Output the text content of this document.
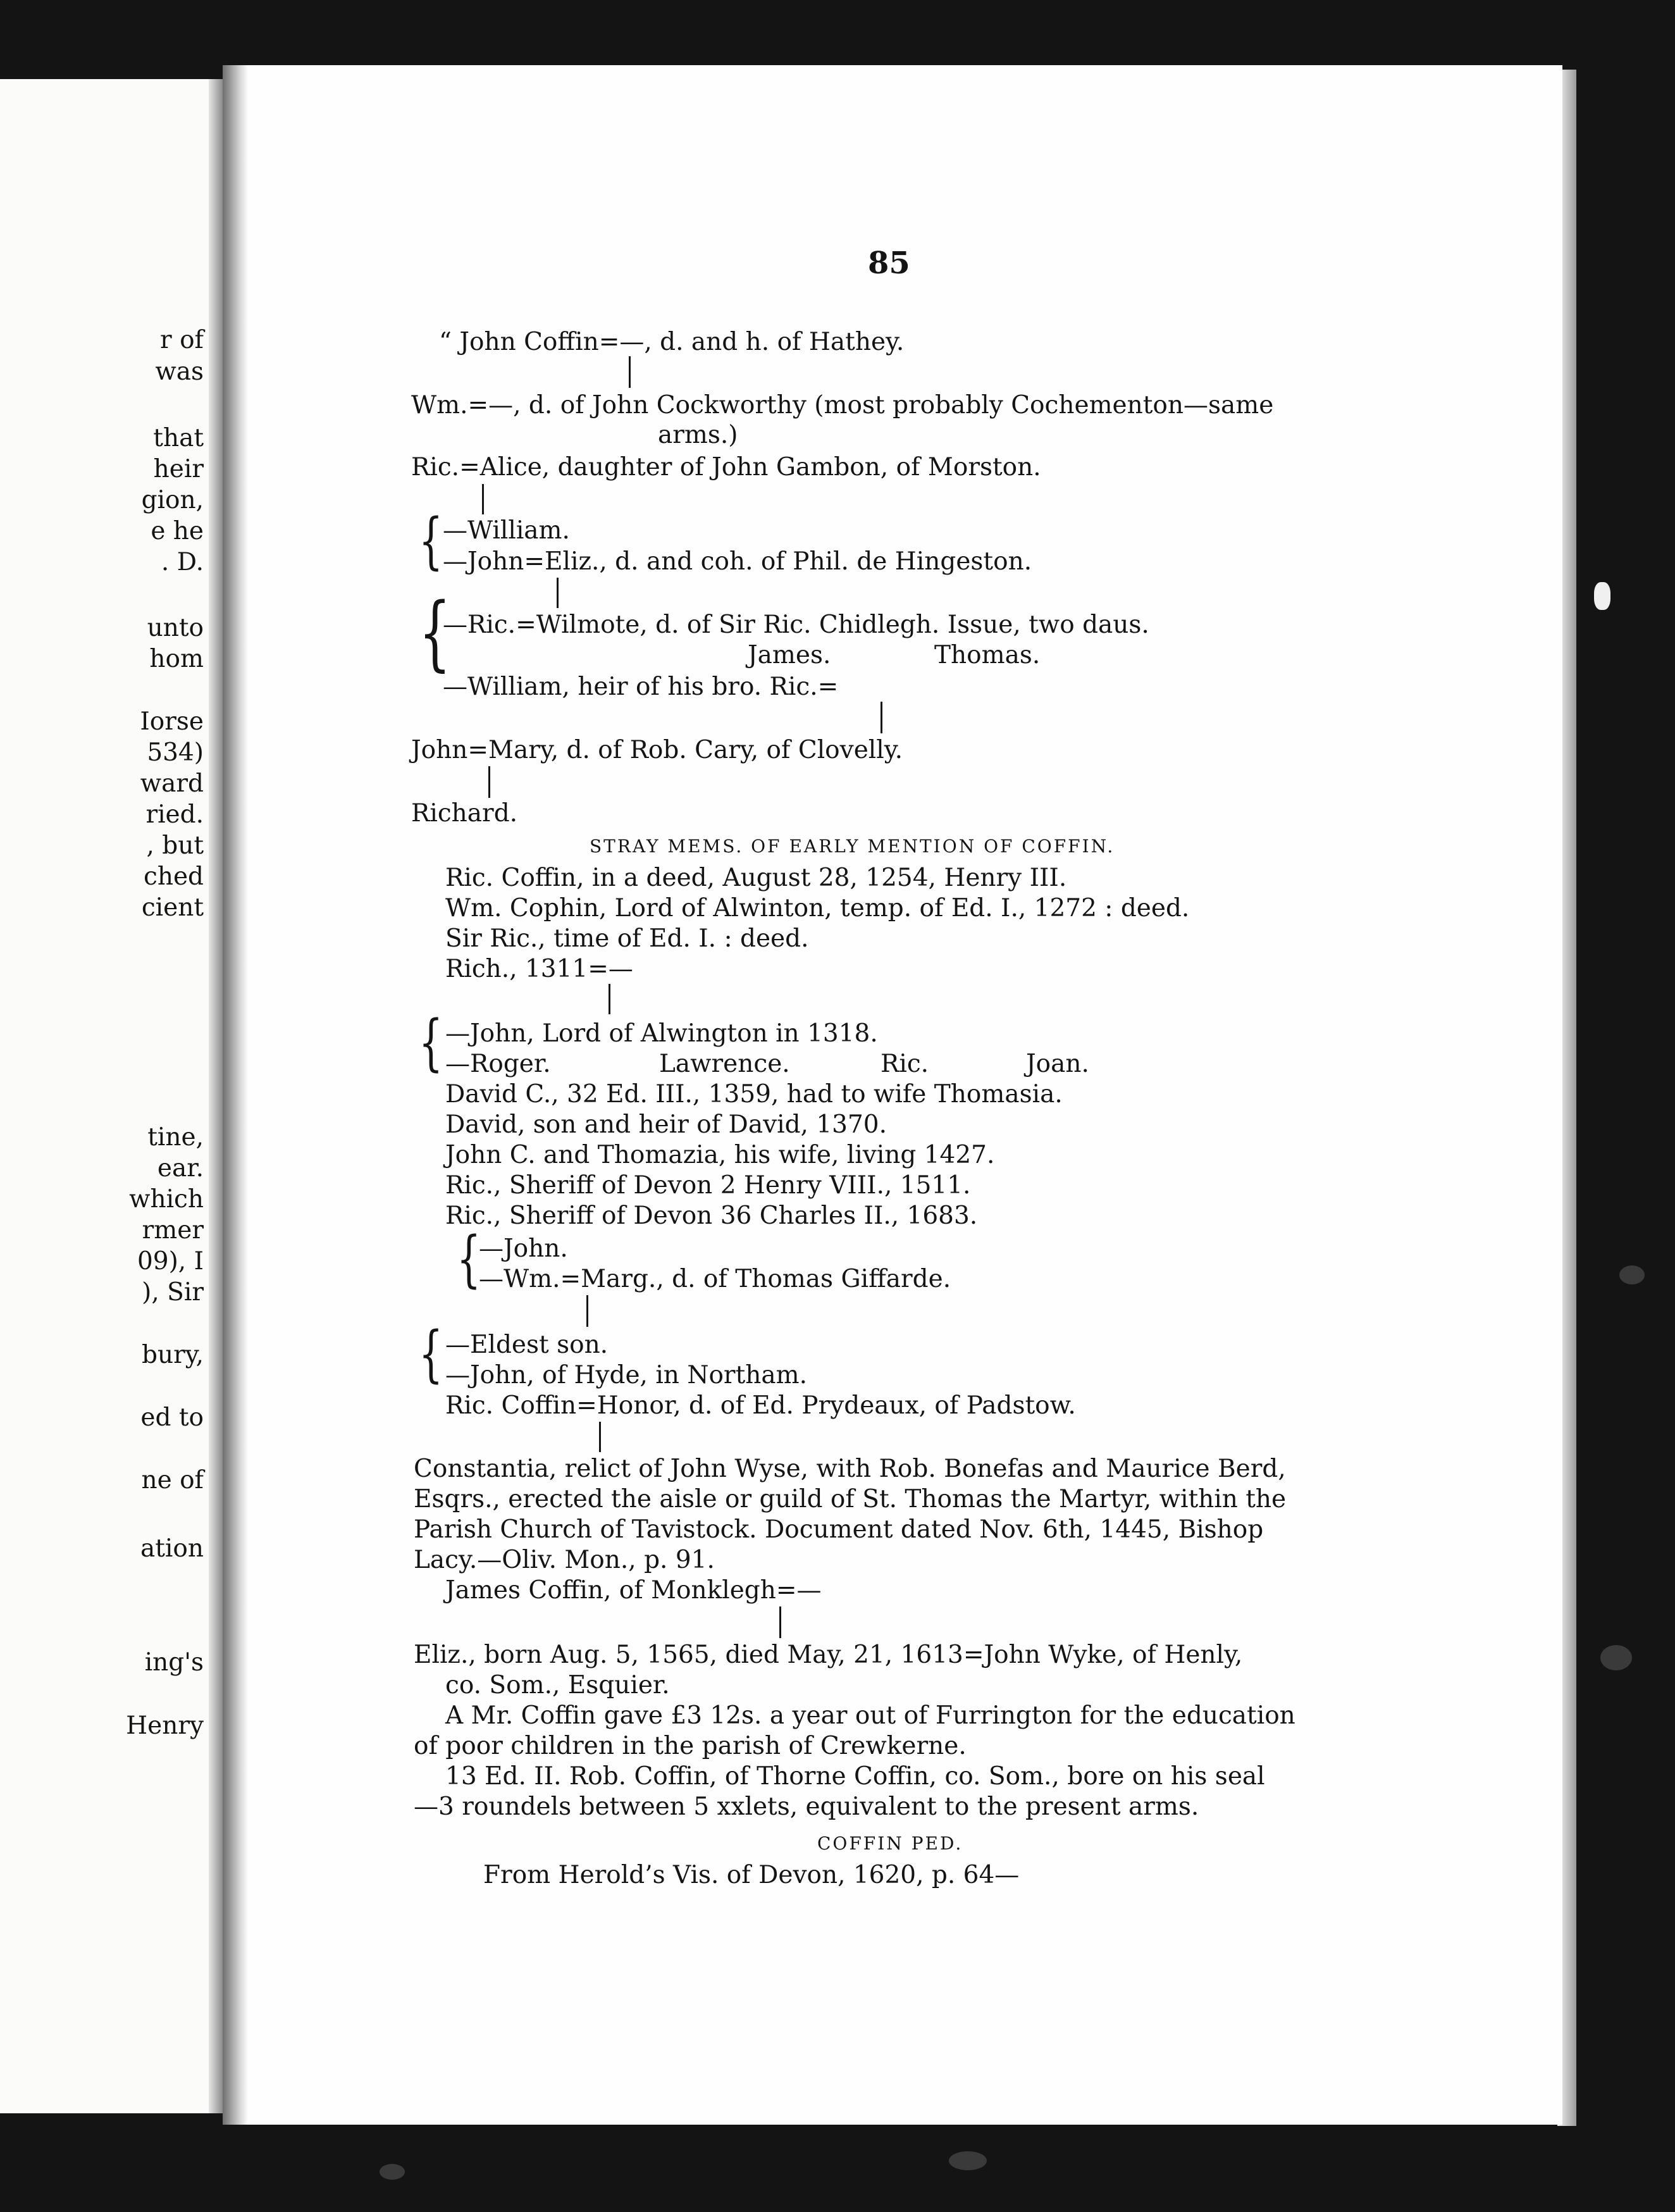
r of
was
that
heir
gion,
e he
. D.
unto
hom
Iorse
534)
ward
ried.
, but
ched
cient
tine,
ear.
which
rmer
09), I
), Sir
bury,
ed to
ne of
ation
ing's
Henry
85
“ John Coffin=—, d. and h. of Hathey.
Wm.=—, d. of John Cockworthy (most probably Cochementon—same
arms.)
Ric.=Alice, daughter of John Gambon, of Morston.
{ —William.
—John=Eliz., d. and coh. of Phil. de Hingeston.
{
—Ric.=Wilmote, d. of Sir Ric. Chidlegh. Issue, two daus.
James.	Thomas.
—William, heir of his bro. Ric.=
John=Mary, d. of Rob. Cary, of Clovelly.
Richard.
STRAY MEMS. OF EARLY MENTION OF COFFIN.
Ric. Coffin, in a deed, August 28, 1254, Henry III.
Wm. Cophin, Lord of Alwinton, temp. of Ed. I., 1272 : deed.
Sir Ric., time of Ed. I. : deed.
Rich., 1311=—
{ —John, Lord of Alwington in 1318.
—Roger.	Lawrence.	Ric.	Joan.
David C., 32 Ed. III., 1359, had to wife Thomasia.
David, son and heir of David, 1370.
John C. and Thomazia, his wife, living 1427.
Ric., Sheriff of Devon 2 Henry VIII., 1511.
Ric., Sheriff of Devon 36 Charles II., 1683.
{
—John.
—Wm.=Marg., d. of Thomas Giffarde.
{ —Eldest son.
—John, of Hyde, in Northam.
Ric. Coffin=Honor, d. of Ed. Prydeaux, of Padstow.
Constantia, relict of John Wyse, with Rob. Bonefas and Maurice Berd,
Esqrs., erected the aisle or guild of St. Thomas the Martyr, within the
Parish Church of Tavistock. Document dated Nov. 6th, 1445, Bishop
Lacy.—Oliv. Mon., p. 91.
James Coffin, of Monklegh=—
Eliz., born Aug. 5, 1565, died May, 21, 1613=John Wyke, of Henly,
co. Som., Esquier.
A Mr. Coffin gave £3 12s. a year out of Furrington for the education
of poor children in the parish of Crewkerne.
13 Ed. II. Rob. Coffin, of Thorne Coffin, co. Som., bore on his seal
—3 roundels between 5 xxlets, equivalent to the present arms.
COFFIN PED.
From Herold’s Vis. of Devon, 1620, p. 64—
